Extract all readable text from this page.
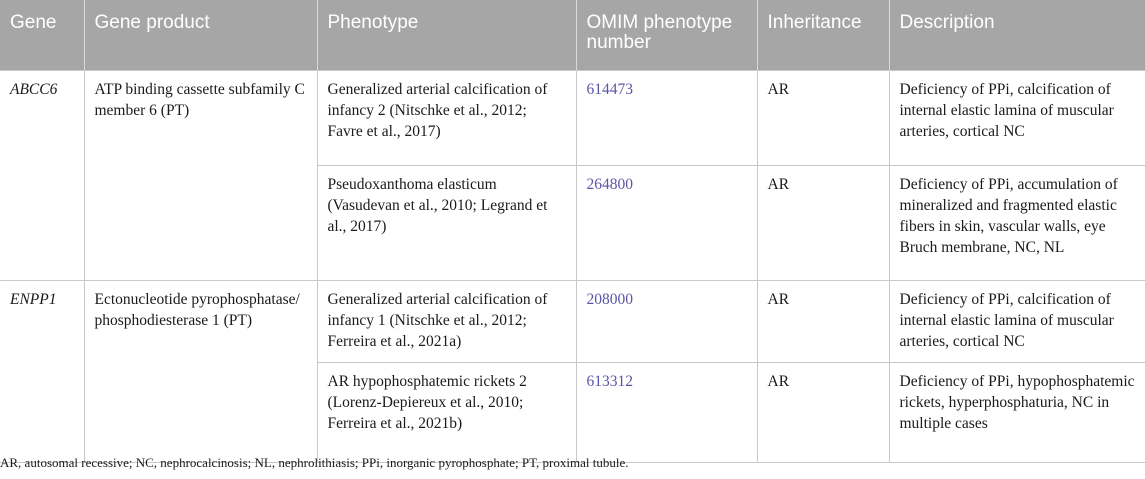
Gene	Gene product	Phenotype	OMIM phenotype number	Inheritance	Description
ABCC6	ATP binding cassette subfamily C member 6 (PT)	Generalized arterial calcification of infancy 2 (Nitschke et al., 2012; Favre et al., 2017)	614473	AR	Deficiency of PPi, calcification of internal elastic lamina of muscular arteries, cortical NC
		Pseudoxanthoma elasticum (Vasudevan et al., 2010; Legrand et al., 2017)	264800	AR	Deficiency of PPi, accumulation of mineralized and fragmented elastic fibers in skin, vascular walls, eye Bruch membrane, NC, NL
ENPP1	Ectonucleotide pyrophosphatase/ phosphodiesterase 1 (PT)	Generalized arterial calcification of infancy 1 (Nitschke et al., 2012; Ferreira et al., 2021a)	208000	AR	Deficiency of PPi, calcification of internal elastic lamina of muscular arteries, cortical NC
		AR hypophosphatemic rickets 2 (Lorenz-Depiereux et al., 2010; Ferreira et al., 2021b)	613312	AR	Deficiency of PPi, hypophosphatemic rickets, hyperphosphaturia, NC in multiple cases
AR, autosomal recessive; NC, nephrocalcinosis; NL, nephrolithiasis; PPi, inorganic pyrophosphate; PT, proximal tubule.
